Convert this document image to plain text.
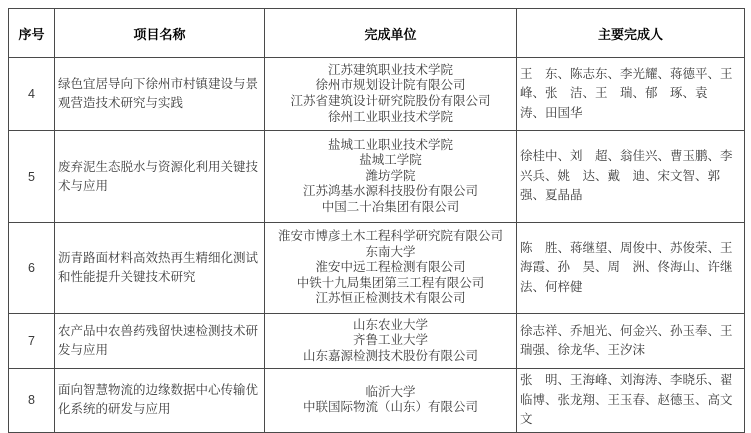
序号	项目名称	完成单位	主要完成人
4	绿色宜居导向下徐州市村镇建设与景观营造技术研究与实践	江苏建筑职业技术学院
徐州市规划设计院有限公司
江苏省建筑设计研究院股份有限公司
徐州工业职业技术学院	王　东、陈志东、李光耀、蒋德平、王　峰、张　洁、王　瑞、郁　琢、袁　涛、田国华
5	废弃泥生态脱水与资源化利用关键技术与应用	盐城工业职业技术学院
盐城工学院
潍坊学院
江苏鸿基水源科技股份有限公司
中国二十冶集团有限公司	徐桂中、刘　超、翁佳兴、曹玉鹏、李兴兵、姚　达、戴　迪、宋文智、郭　强、夏晶晶
6	沥青路面材料高效热再生精细化测试和性能提升关键技术研究	淮安市博彦土木工程科学研究院有限公司
东南大学
淮安中远工程检测有限公司
中铁十九局集团第三工程有限公司
江苏恒正检测技术有限公司	陈　胜、蒋继望、周俊中、苏俊荣、王海霞、孙　昊、周　洲、佟海山、许继法、何梓健
7	农产品中农兽药残留快速检测技术研发与应用	山东农业大学
齐鲁工业大学
山东嘉源检测技术股份有限公司	徐志祥、乔旭光、何金兴、孙玉奉、王瑞强、徐龙华、王汐沫
8	面向智慧物流的边缘数据中心传输优化系统的研发与应用	临沂大学
中联国际物流（山东）有限公司	张　明、王海峰、刘海涛、李晓乐、翟临博、张龙翔、王玉春、赵德玉、高文文
